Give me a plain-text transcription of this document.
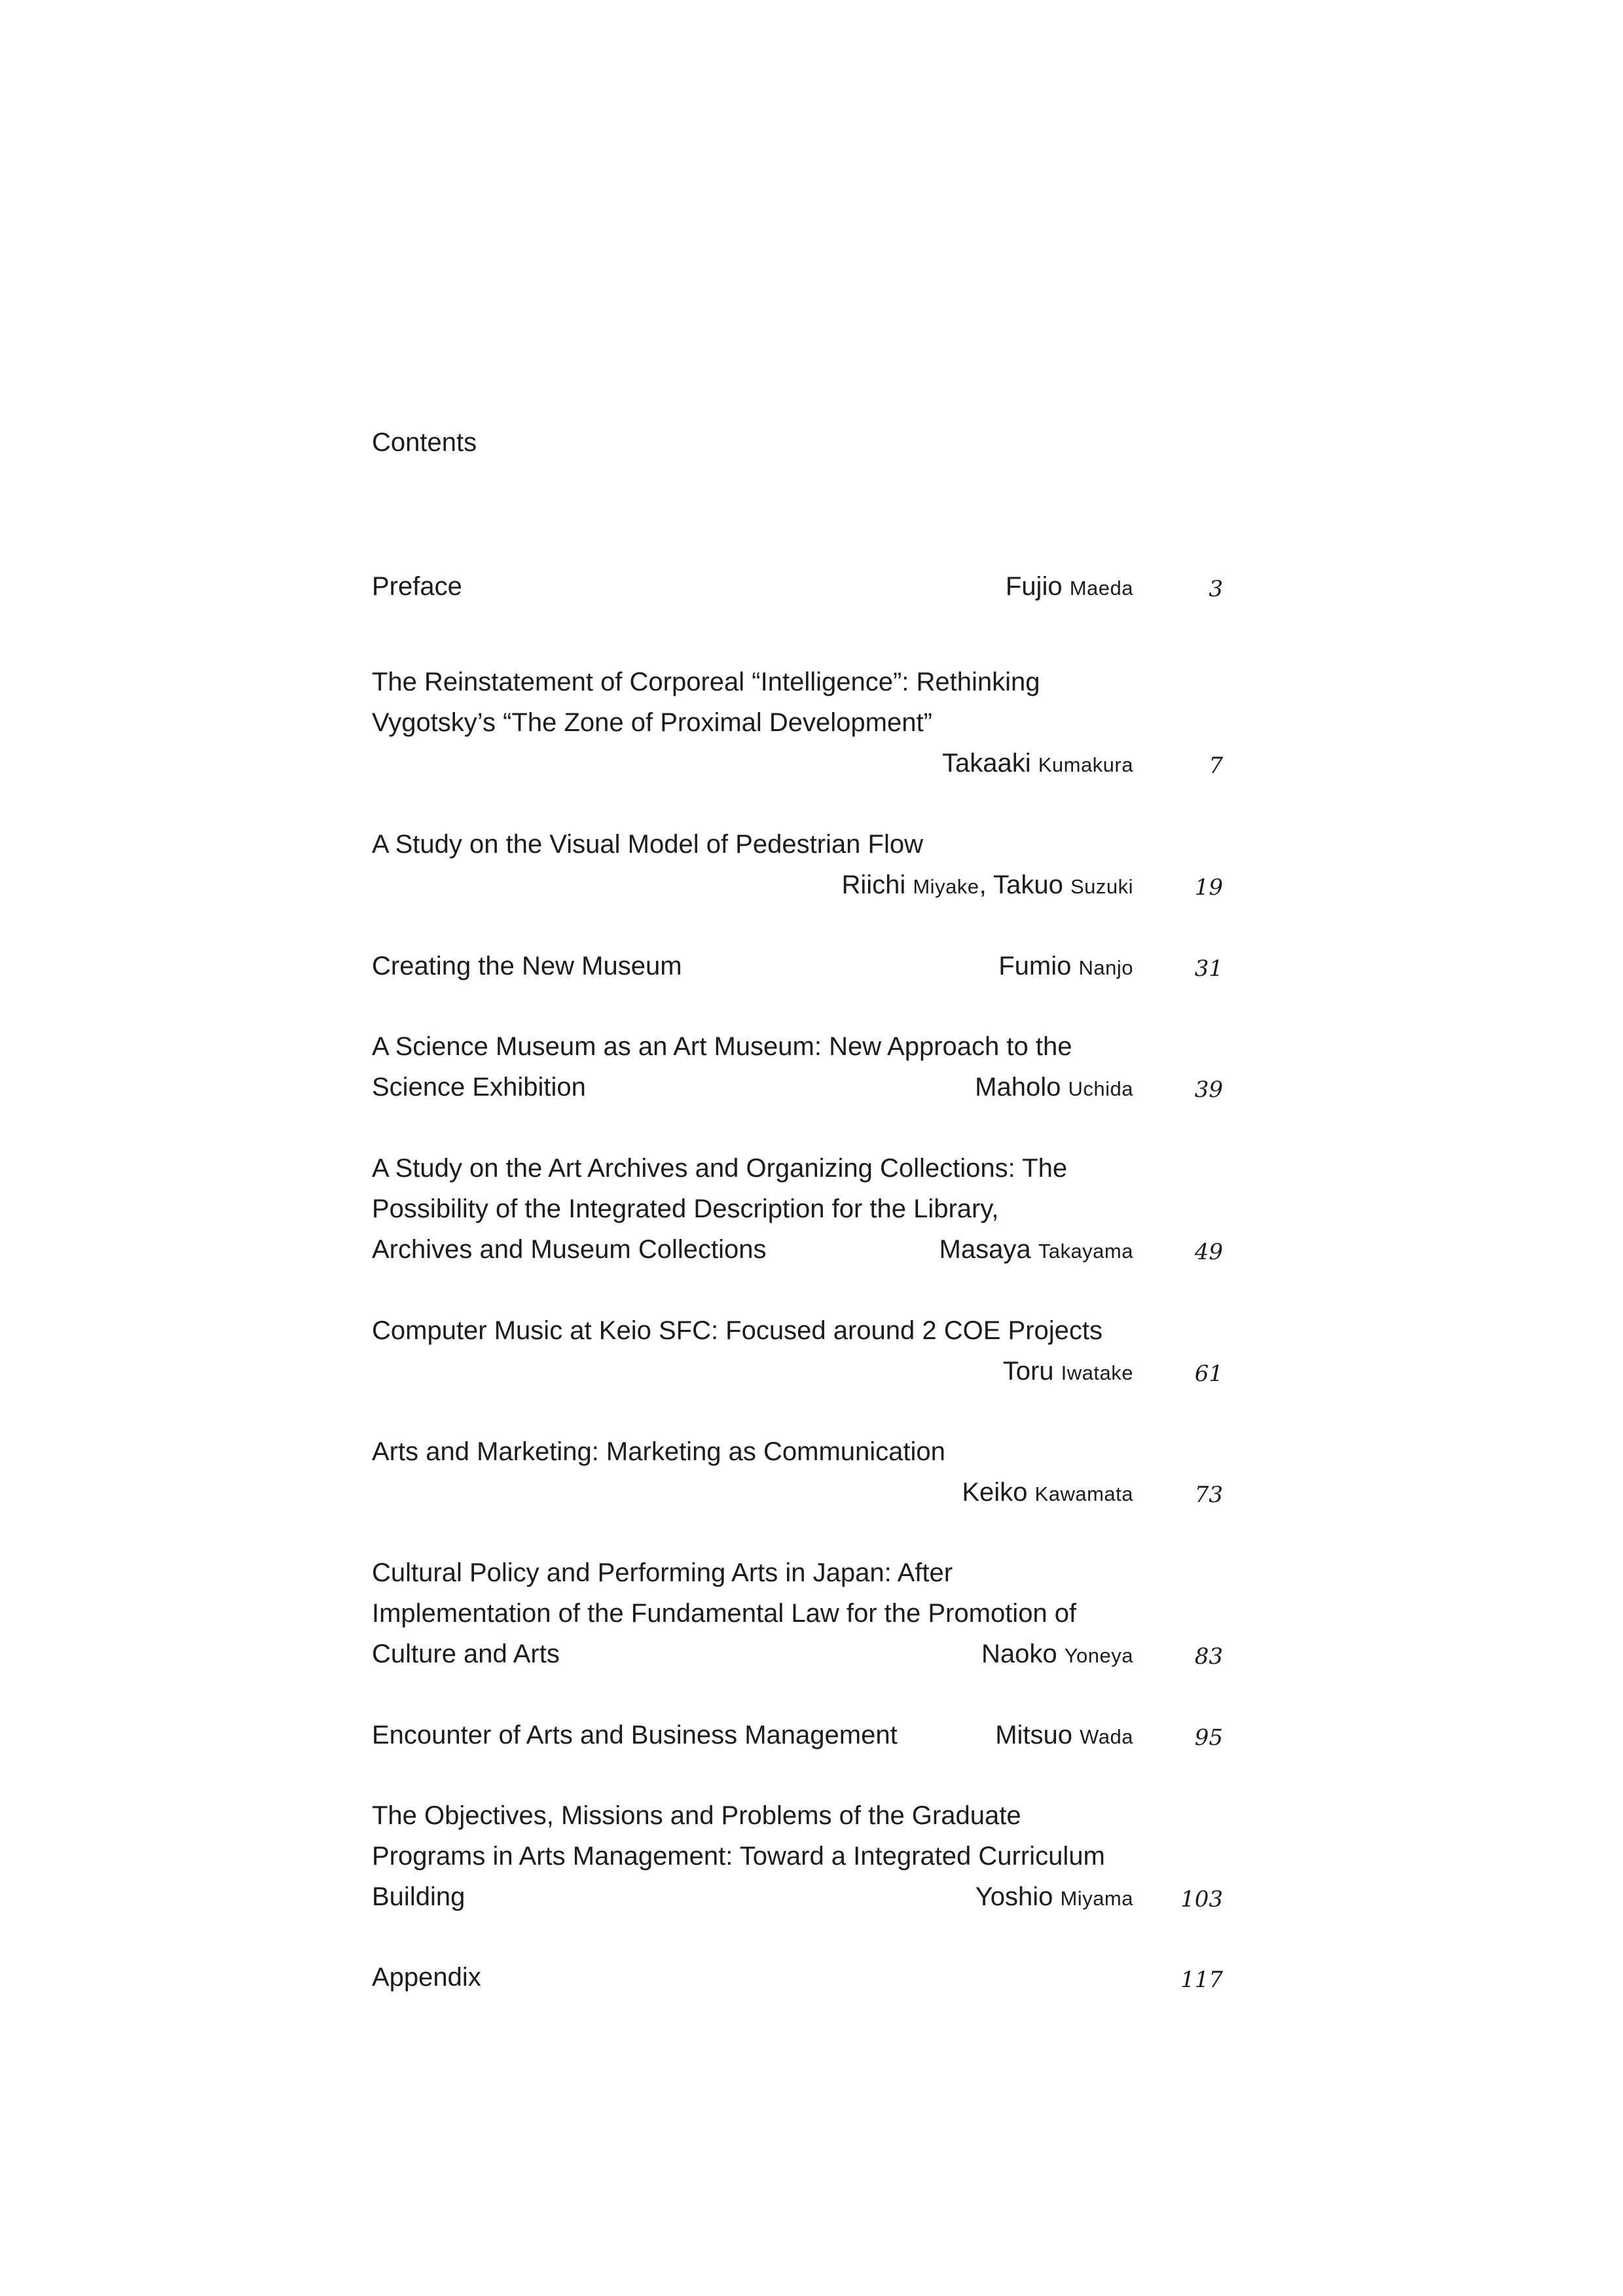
Contents
Preface	Fujio Maeda	3
The Reinstatement of Corporeal “Intelligence”: Rethinking
Vygotsky’s “The Zone of Proximal Development”
Takaaki Kumakura	7
A Study on the Visual Model of Pedestrian Flow
Riichi Miyake, Takuo Suzuki	19
Creating the New Museum	Fumio Nanjo	31
A Science Museum as an Art Museum: New Approach to the
Science Exhibition	Maholo Uchida	39
A Study on the Art Archives and Organizing Collections: The
Possibility of the Integrated Description for the Library,
Archives and Museum Collections	Masaya Takayama	49
Computer Music at Keio SFC: Focused around 2 COE Projects
Toru Iwatake	61
Arts and Marketing: Marketing as Communication
Keiko Kawamata	73
Cultural Policy and Performing Arts in Japan: After
Implementation of the Fundamental Law for the Promotion of
Culture and Arts	Naoko Yoneya	83
Encounter of Arts and Business Management	Mitsuo Wada	95
The Objectives, Missions and Problems of the Graduate
Programs in Arts Management: Toward a Integrated Curriculum
Building	Yoshio Miyama 103
Appendix	117
